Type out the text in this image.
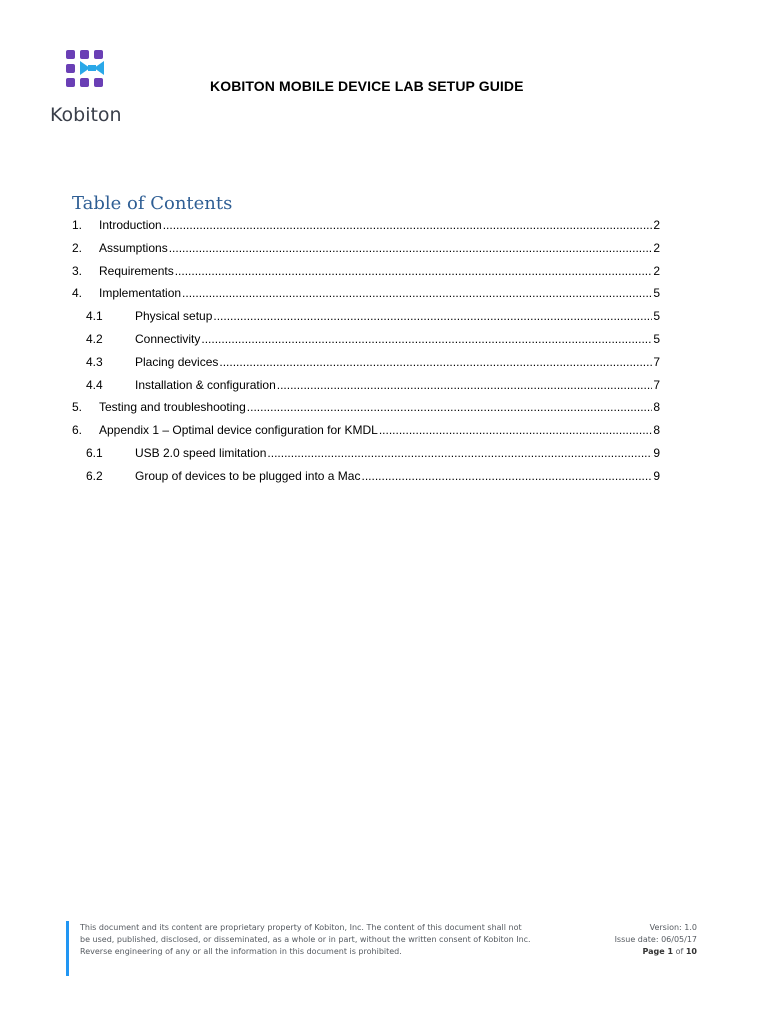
Kobiton
KOBITON MOBILE DEVICE LAB SETUP GUIDE
Table of Contents
1.	Introduction .....	2
2.	Assumptions .....	2
3.	Requirements .....	2
4.	Implementation .....	5
4.1	Physical setup .....	5
4.2	Connectivity .....	5
4.3	Placing devices .....	7
4.4	Installation & configuration .....	7
5.	Testing and troubleshooting .....	8
6.	Appendix 1 – Optimal device configuration for KMDL .....	8
6.1	USB 2.0 speed limitation .....	9
6.2	Group of devices to be plugged into a Mac .....	9
This document and its content are proprietary property of Kobiton, Inc. The content of this document shall not
be used, published, disclosed, or disseminated, as a whole or in part, without the written consent of Kobiton Inc.
Reverse engineering of any or all the information in this document is prohibited.
Version: 1.0
Issue date: 06/05/17
Page 1 of 10
